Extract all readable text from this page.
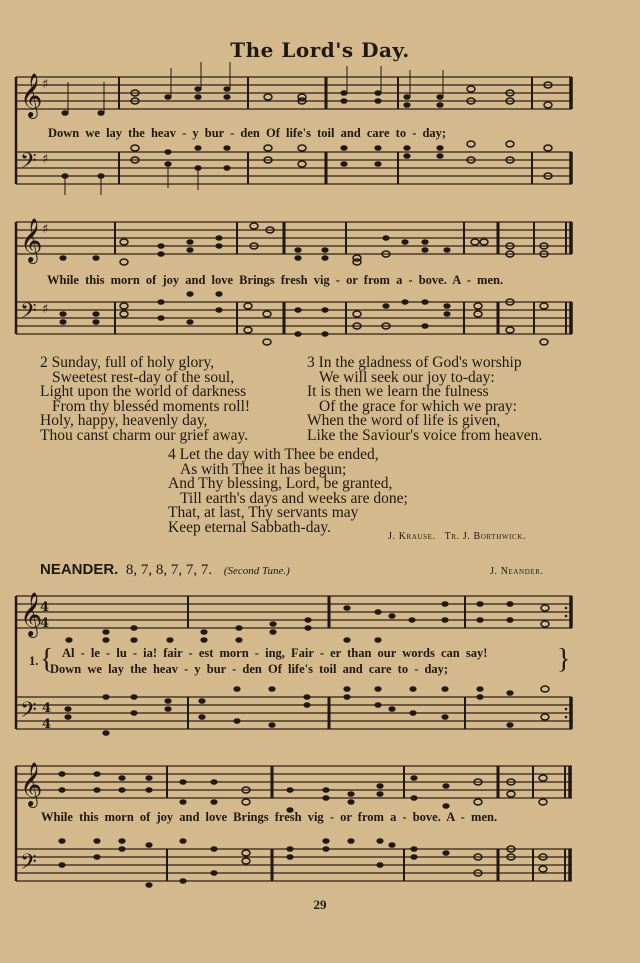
The Lord's Day.
𝄞 ♯
𝄢 ♯
Down we lay the heav - y bur - den Of life's toil and care to - day;
𝄞 ♯
𝄢 ♯
While this morn of joy and love Brings fresh vig - or from a - bove. A - men.
2 Sunday, full of holy glory,
Sweetest rest-day of the soul,
Light upon the world of darkness
From thy blesséd moments roll!
Holy, happy, heavenly day,
Thou canst charm our grief away.
3 In the gladness of God's worship
We will seek our joy to-day:
It is then we learn the fulness
Of the grace for which we pray:
When the word of life is given,
Like the Saviour's voice from heaven.
4 Let the day with Thee be ended,
As with Thee it has begun;
And Thy blessing, Lord, be granted,
Till earth's days and weeks are done;
That, at last, Thy servants may
Keep eternal Sabbath-day.
J. Krause.   Tr. J. Borthwick.
NEANDER. 8, 7, 8, 7, 7, 7. (Second Tune.)	J. Neander.
𝄞
4
4
𝄢 4
4
1. { Al - le - lu - ia! fair - est morn - ing, Fair - er than our words can say!
Down we lay the heav - y bur - den Of life's toil and care to - day;	}
𝄞
𝄢
While this morn of joy and love Brings fresh vig - or from a - bove. A - men.
29
